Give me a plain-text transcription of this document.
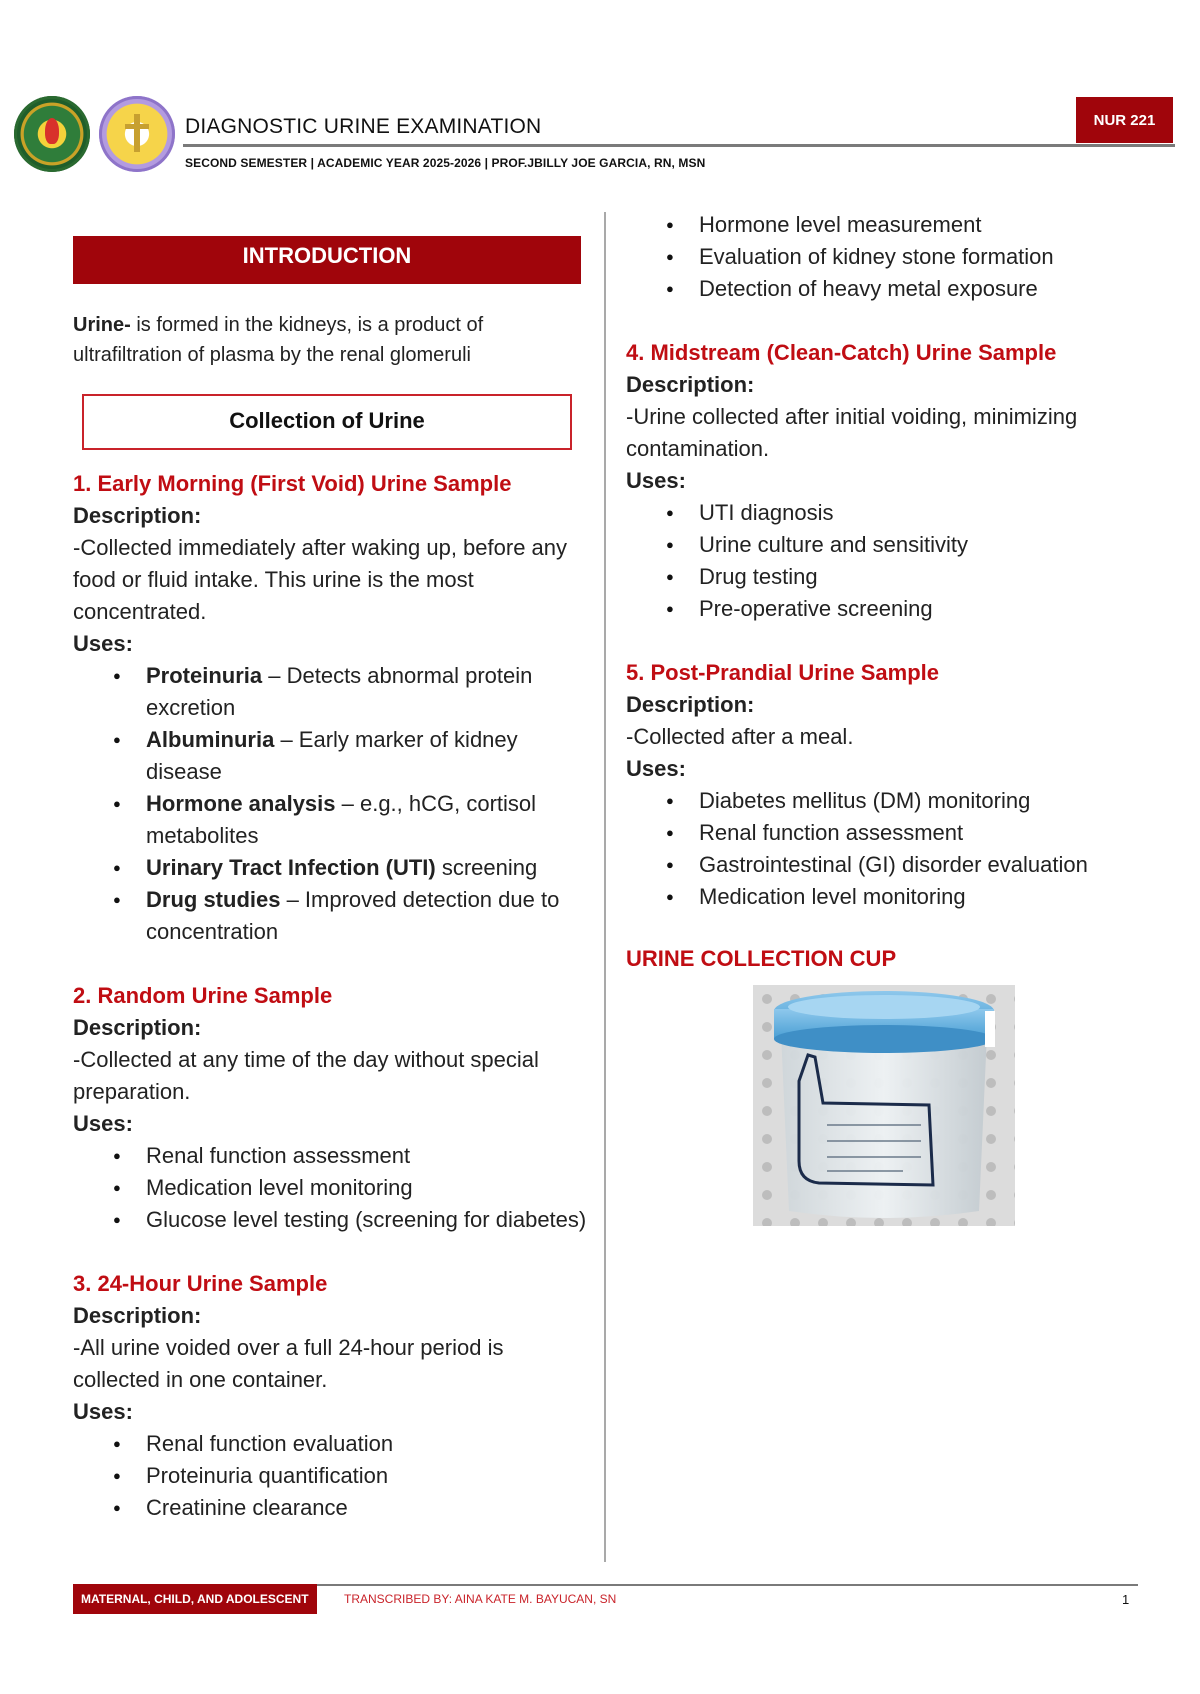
DIAGNOSTIC URINE EXAMINATION
SECOND SEMESTER | ACADEMIC YEAR 2025-2026 | PROF.JBILLY JOE GARCIA, RN, MSN
NUR 221
INTRODUCTION
Urine- is formed in the kidneys, is a product of ultrafiltration of plasma by the renal glomeruli
Collection of Urine
1. Early Morning (First Void) Urine Sample
Description:
-Collected immediately after waking up, before any food or fluid intake. This urine is the most concentrated.
Uses:
● Proteinuria – Detects abnormal protein excretion
● Albuminuria – Early marker of kidney disease
● Hormone analysis – e.g., hCG, cortisol metabolites
● Urinary Tract Infection (UTI) screening
● Drug studies – Improved detection due to concentration
2. Random Urine Sample
Description:
-Collected at any time of the day without special preparation.
Uses:
● Renal function assessment
● Medication level monitoring
● Glucose level testing (screening for diabetes)
3. 24-Hour Urine Sample
Description:
-All urine voided over a full 24-hour period is collected in one container.
Uses:
● Renal function evaluation
● Proteinuria quantification
● Creatinine clearance
● Hormone level measurement
● Evaluation of kidney stone formation
● Detection of heavy metal exposure
4. Midstream (Clean-Catch) Urine Sample
Description:
-Urine collected after initial voiding, minimizing contamination.
Uses:
● UTI diagnosis
● Urine culture and sensitivity
● Drug testing
● Pre-operative screening
5. Post-Prandial Urine Sample
Description:
-Collected after a meal.
Uses:
● Diabetes mellitus (DM) monitoring
● Renal function assessment
● Gastrointestinal (GI) disorder evaluation
● Medication level monitoring
URINE COLLECTION CUP
MATERNAL, CHILD, AND ADOLESCENT	TRANSCRIBED BY: AINA KATE M. BAYUCAN, SN	1
